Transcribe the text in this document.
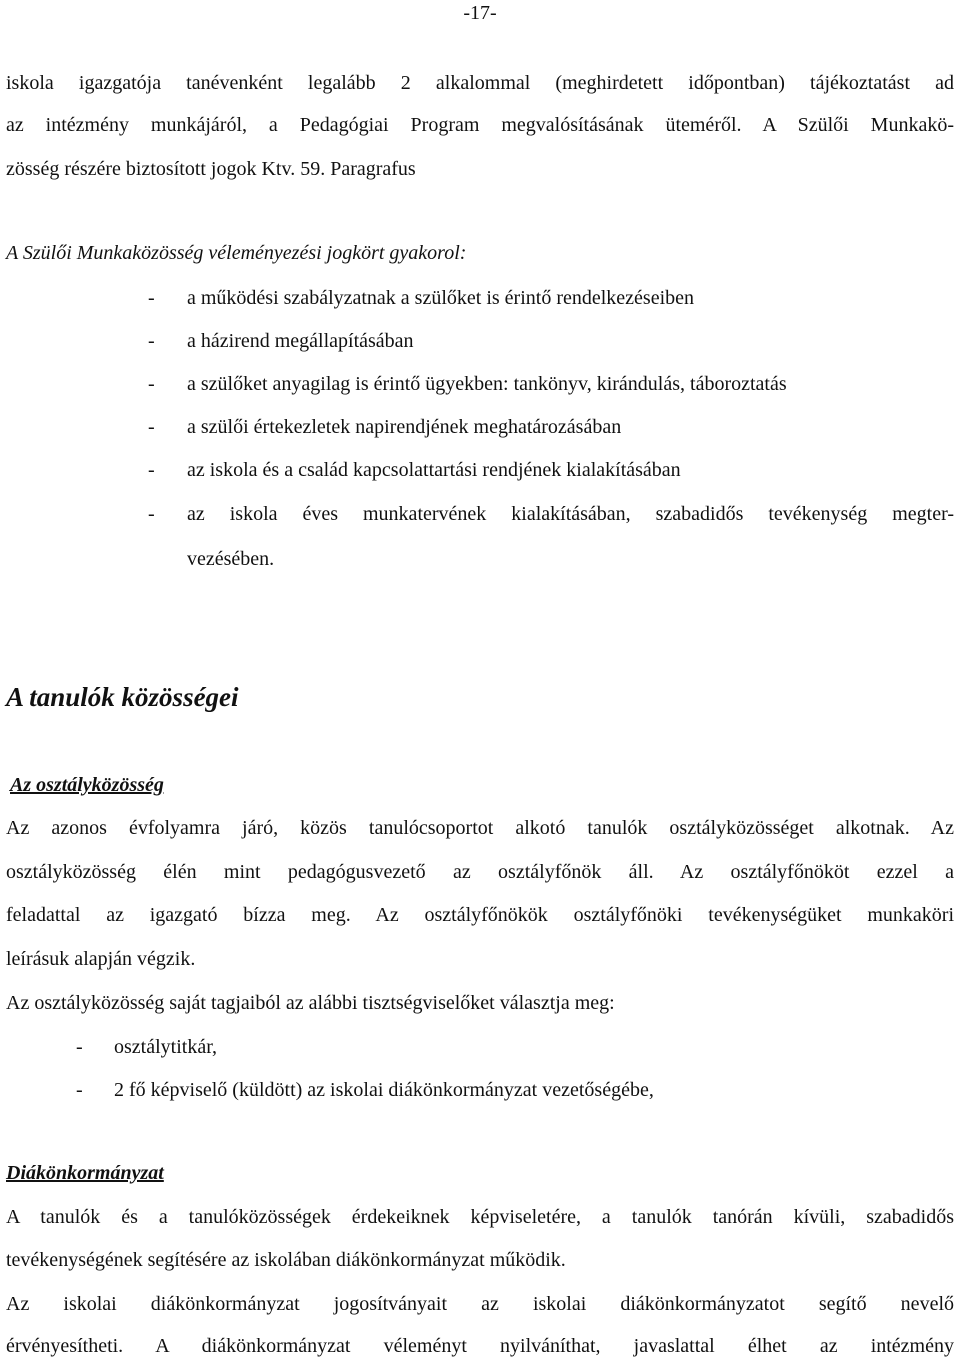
-17-
iskola igazgatója tanévenként legalább 2 alkalommal (meghirdetett időpontban) tájékoztatást ad
az intézmény munkájáról, a Pedagógiai Program megvalósításának üteméről. A Szülői Munkakö-
zösség részére biztosított jogok Ktv. 59. Paragrafus
A Szülői Munkaközösség véleményezési jogkört gyakorol:
- a működési szabályzatnak a szülőket is érintő rendelkezéseiben
- a házirend megállapításában
- a szülőket anyagilag is érintő ügyekben: tankönyv, kirándulás, táboroztatás
- a szülői értekezletek napirendjének meghatározásában
- az iskola és a család kapcsolattartási rendjének kialakításában
- az iskola éves munkatervének kialakításában, szabadidős tevékenység megter-
vezésében.
A tanulók közösségei
Az osztályközösség
Az azonos évfolyamra járó, közös tanulócsoportot alkotó tanulók osztályközösséget alkotnak. Az
osztályközösség élén mint pedagógusvezető az osztályfőnök áll. Az osztályfőnököt ezzel a
feladattal az igazgató bízza meg. Az osztályfőnökök osztályfőnöki tevékenységüket munkaköri
leírásuk alapján végzik.
Az osztályközösség saját tagjaiból az alábbi tisztségviselőket választja meg:
- osztálytitkár,
- 2 fő képviselő (küldött) az iskolai diákönkormányzat vezetőségébe,
Diákönkormányzat
A tanulók és a tanulóközösségek érdekeiknek képviseletére, a tanulók tanórán kívüli, szabadidős
tevékenységének segítésére az iskolában diákönkormányzat működik.
Az iskolai diákönkormányzat jogosítványait az iskolai diákönkormányzatot segítő nevelő
érvényesítheti. A diákönkormányzat véleményt nyilváníthat, javaslattal élhet az intézmény
